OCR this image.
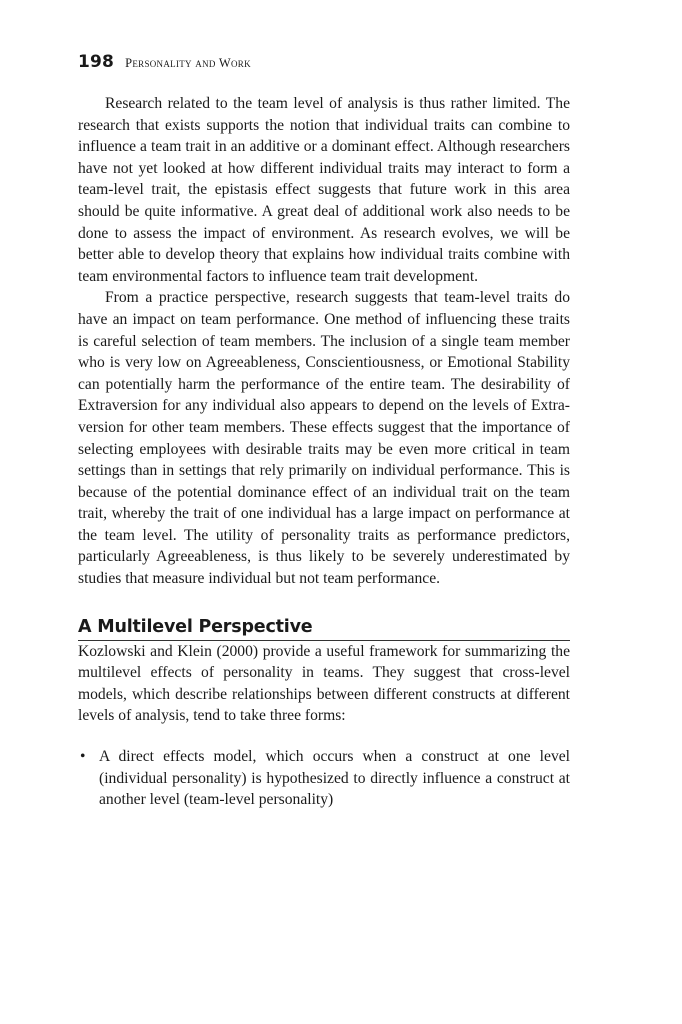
198 Personality and Work

Research related to the team level of analysis is thus rather limited. The research that exists supports the notion that individual traits can combine to influence a team trait in an additive or a dominant effect. Although researchers have not yet looked at how different individual traits may interact to form a team-level trait, the epistasis effect suggests that future work in this area should be quite informative. A great deal of additional work also needs to be done to assess the impact of environment. As research evolves, we will be better able to develop theory that explains how individual traits combine with team environmental factors to influence team trait development.

From a practice perspective, research suggests that team-level traits do have an impact on team performance. One method of influencing these traits is careful selection of team members. The inclusion of a single team member who is very low on Agreeableness, Conscientiousness, or Emotional Stability can potentially harm the performance of the entire team. The desirability of Extraversion for any individual also appears to depend on the levels of Extraversion for other team members. These effects suggest that the importance of selecting employees with desirable traits may be even more critical in team settings than in settings that rely primarily on individual performance. This is because of the potential dominance effect of an individual trait on the team trait, whereby the trait of one individual has a large impact on performance at the team level. The utility of personality traits as performance predictors, particularly Agreeableness, is thus likely to be severely underestimated by studies that measure individual but not team performance.

A Multilevel Perspective

Kozlowski and Klein (2000) provide a useful framework for summarizing the multilevel effects of personality in teams. They suggest that cross-level models, which describe relationships between different constructs at different levels of analysis, tend to take three forms:

• A direct effects model, which occurs when a construct at one level (individual personality) is hypothesized to directly influence a construct at another level (team-level personality)
